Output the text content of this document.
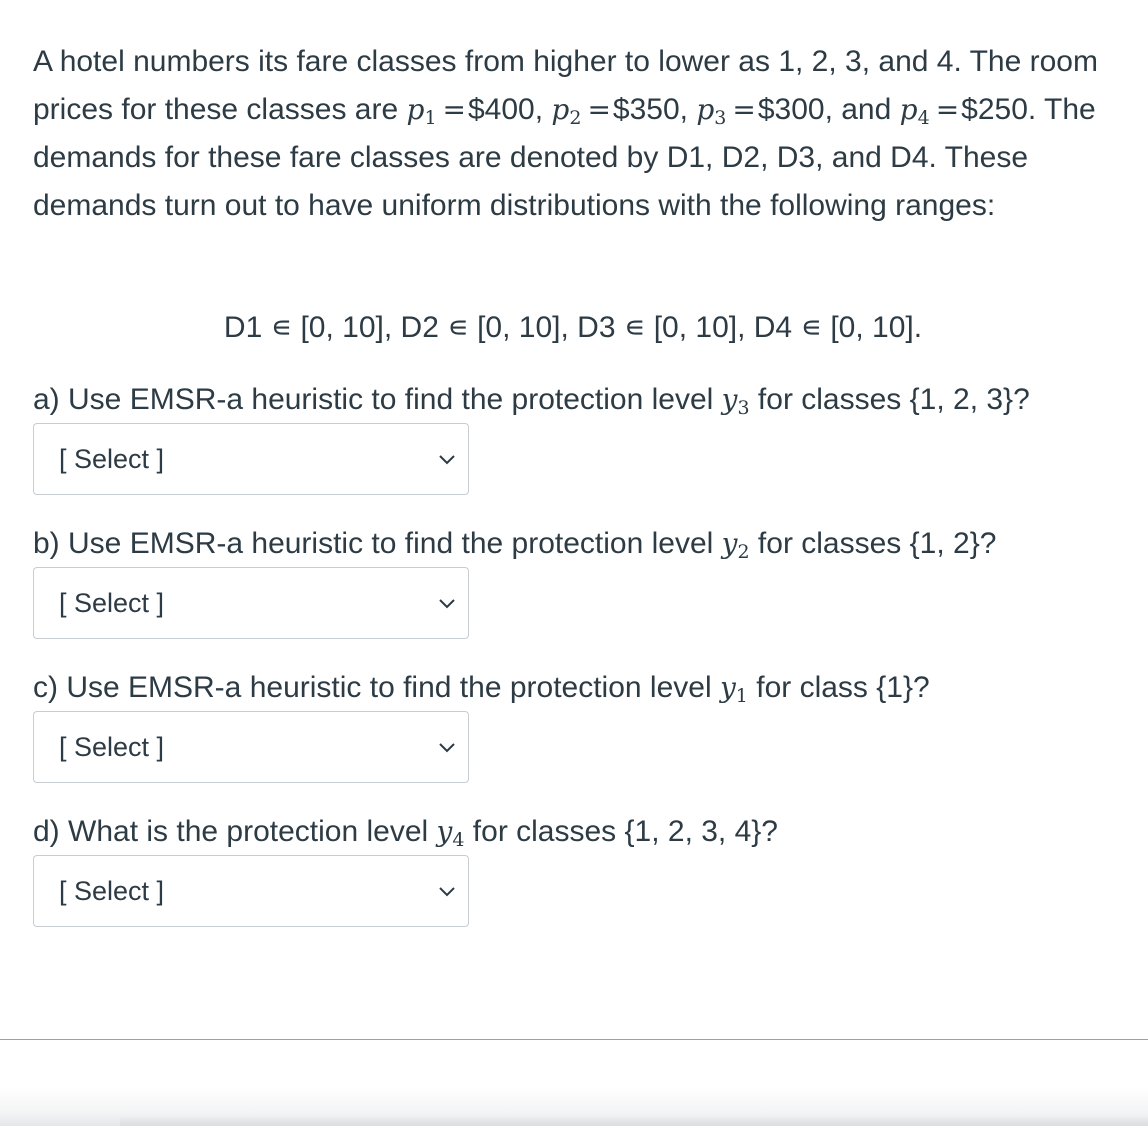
A hotel numbers its fare classes from higher to lower as 1, 2, 3, and 4. The room prices for these classes are $p_1$ =$400, $p_2$ =$350, $p_3$ =$300, and $p_4$ =$250. The demands for these fare classes are denoted by D1, D2, D3, and D4. These demands turn out to have uniform distributions with the following ranges:

D1 ∊ [0, 10], D2 ∊ [0, 10], D3 ∊ [0, 10], D4 ∊ [0, 10].

a) Use EMSR-a heuristic to find the protection level $y_3$ for classes {1, 2, 3}?

[ Select ]

b) Use EMSR-a heuristic to find the protection level $y_2$ for classes {1, 2}?

[ Select ]

c) Use EMSR-a heuristic to find the protection level $y_1$ for class {1}?

[ Select ]

d) What is the protection level $y_4$ for classes {1, 2, 3, 4}?

[ Select ]
